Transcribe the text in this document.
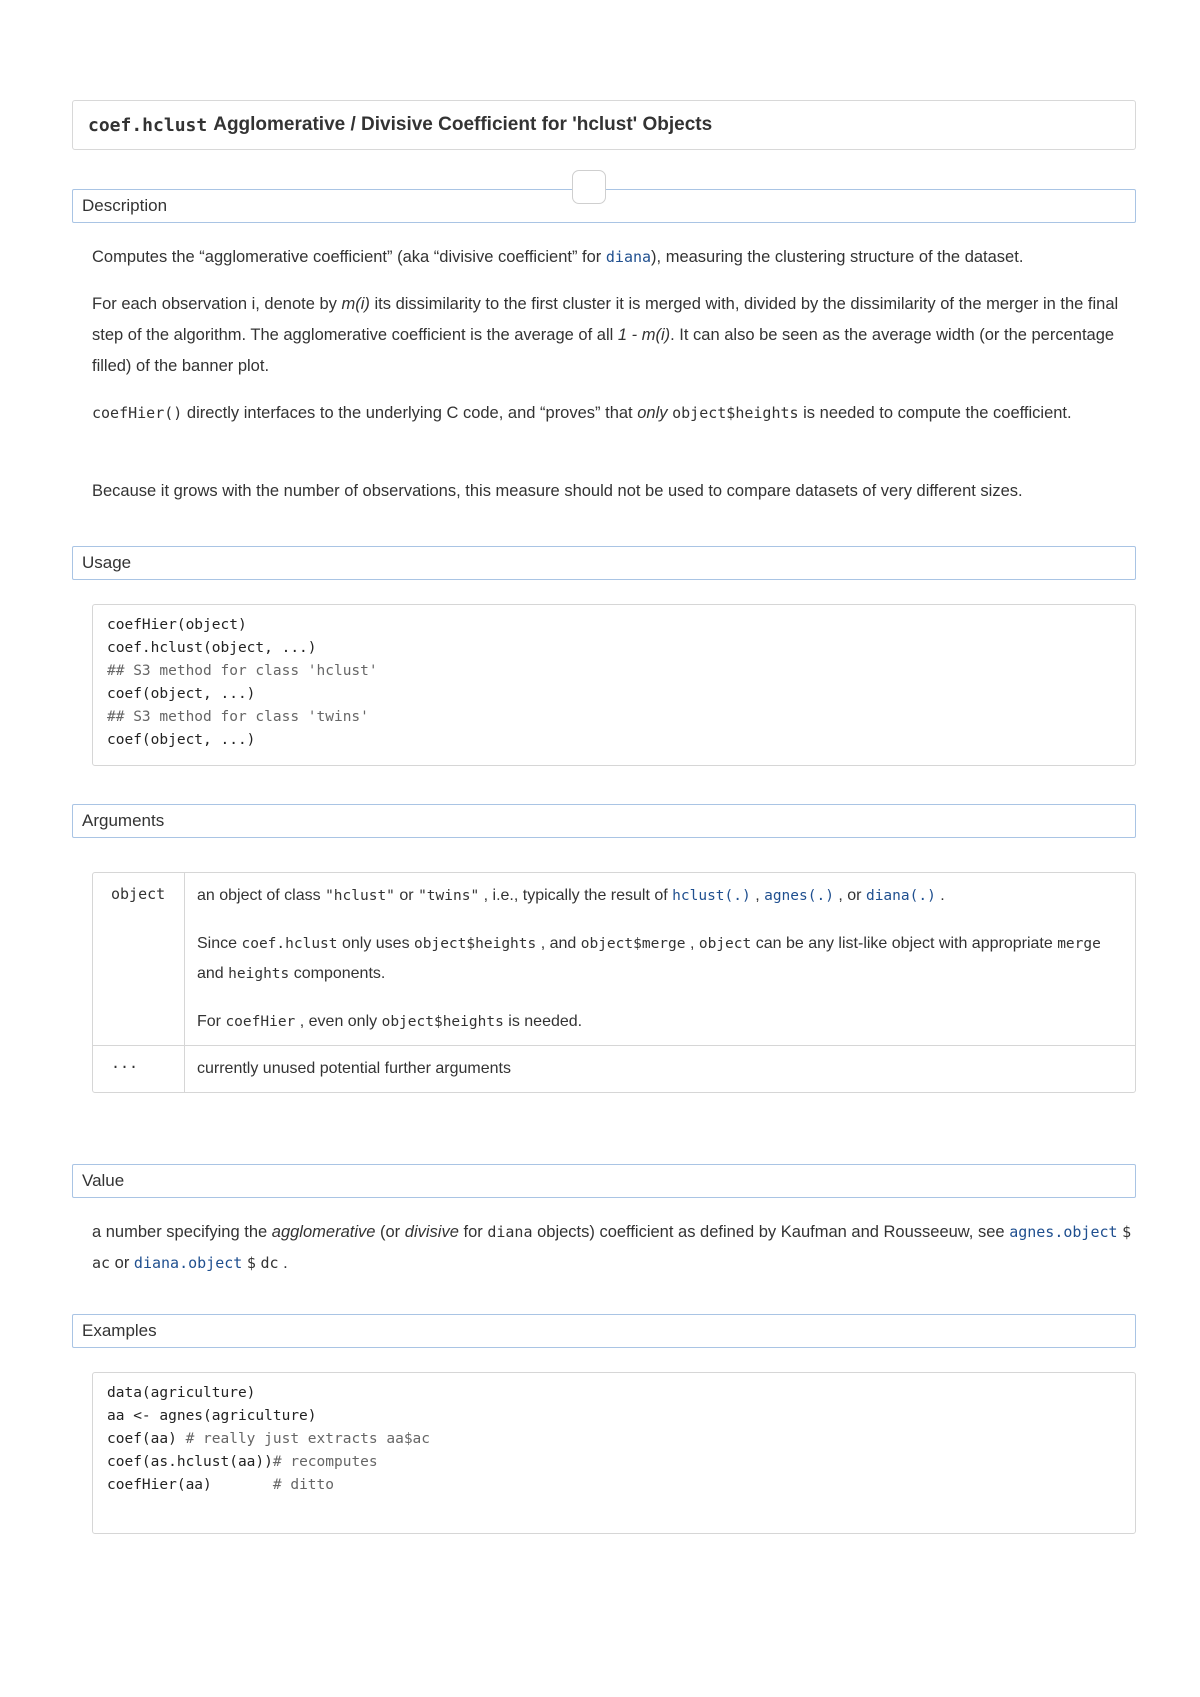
coef.hclust Agglomerative / Divisive Coefficient for 'hclust' Objects
Description

Computes the “agglomerative coefficient” (aka “divisive coefficient” for diana), measuring the clustering structure of the dataset.

For each observation i, denote by m(i) its dissimilarity to the first cluster it is merged with, divided by the dissimilarity of the merger in the final step of the algorithm. The agglomerative coefficient is the average of all 1 - m(i). It can also be seen as the average width (or the percentage filled) of the banner plot.

coefHier() directly interfaces to the underlying C code, and “proves” that only object$heights is needed to compute the coefficient.

Because it grows with the number of observations, this measure should not be used to compare datasets of very different sizes.

Usage
coefHier(object)
coef.hclust(object, ...)
## S3 method for class 'hclust'
coef(object, ...)
## S3 method for class 'twins'
coef(object, ...)
Arguments
object	an object of class "hclust" or "twins" , i.e., typically the result of hclust(.) , agnes(.) , or diana(.) .

Since coef.hclust only uses object$heights , and object$merge , object can be any list-like object with appropriate merge and heights components.

For coefHier , even only object$heights is needed.

...	currently unused potential further arguments
Value

a number specifying the agglomerative (or divisive for diana objects) coefficient as defined by Kaufman and Rousseeuw, see agnes.object $ ac or diana.object $ dc .

Examples
data(agriculture)
aa <- agnes(agriculture)
coef(aa) # really just extracts aa$ac
coef(as.hclust(aa))# recomputes
coefHier(aa)       # ditto
